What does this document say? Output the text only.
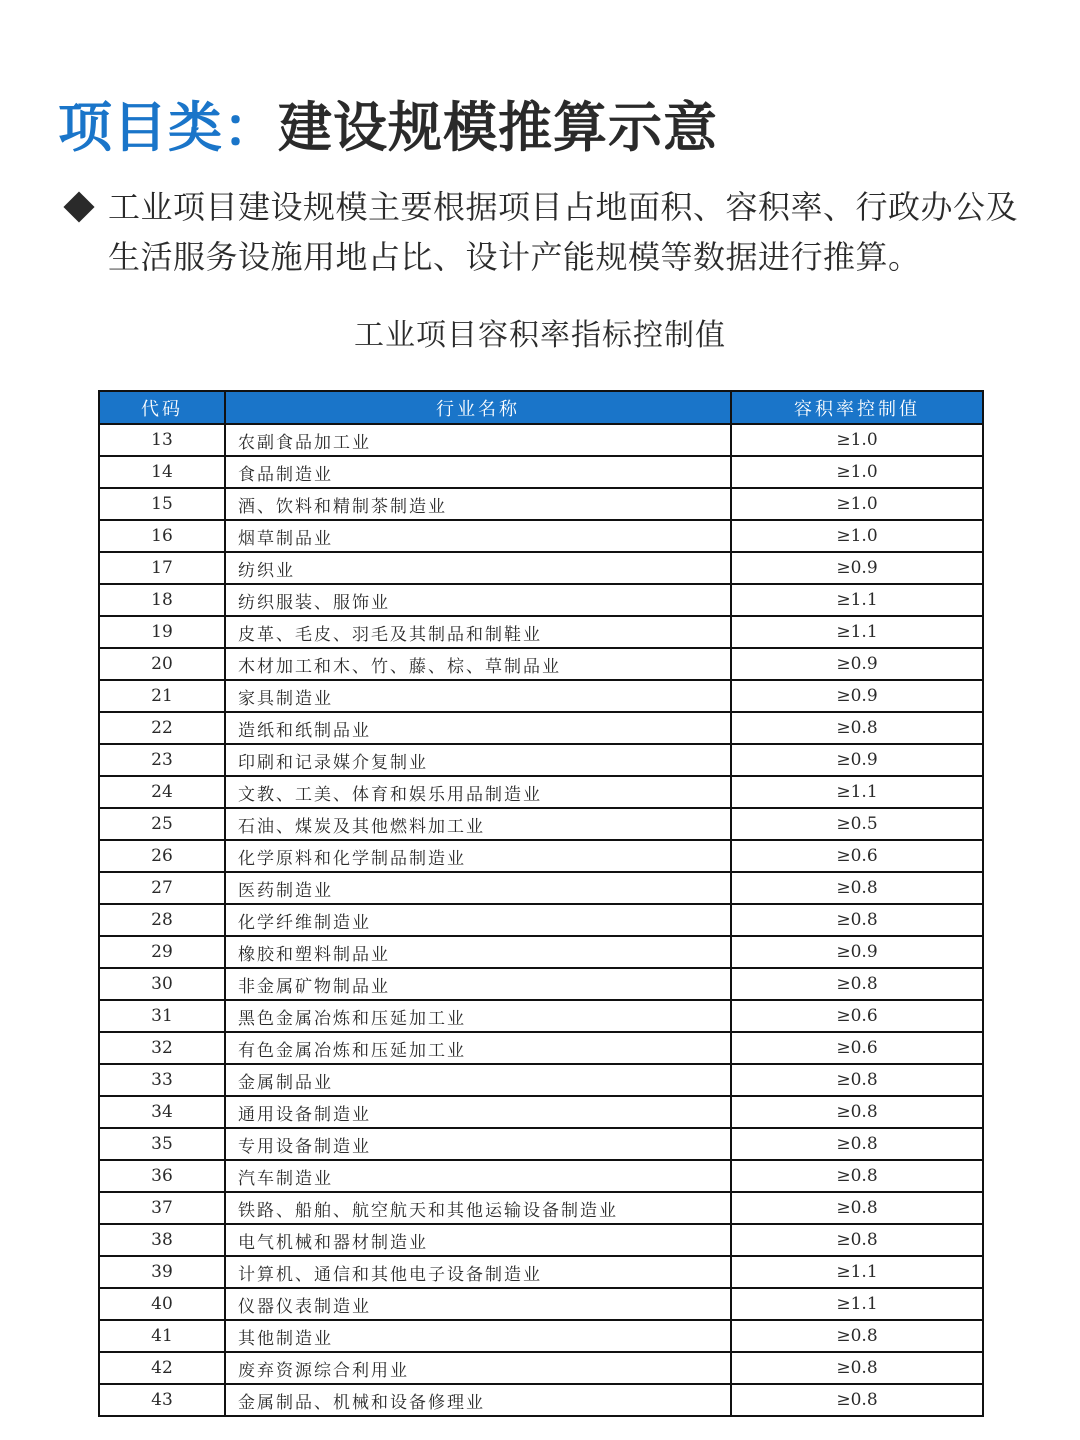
项目类：建设规模推算示意

工业项目建设规模主要根据项目占地面积、容积率、行政办公及生活服务设施用地占比、设计产能规模等数据进行推算。

工业项目容积率指标控制值
代码	行业名称	容积率控制值
13	农副食品加工业	≥1.0
14	食品制造业	≥1.0
15	酒、饮料和精制茶制造业	≥1.0
16	烟草制品业	≥1.0
17	纺织业	≥0.9
18	纺织服装、服饰业	≥1.1
19	皮革、毛皮、羽毛及其制品和制鞋业	≥1.1
20	木材加工和木、竹、藤、棕、草制品业	≥0.9
21	家具制造业	≥0.9
22	造纸和纸制品业	≥0.8
23	印刷和记录媒介复制业	≥0.9
24	文教、工美、体育和娱乐用品制造业	≥1.1
25	石油、煤炭及其他燃料加工业	≥0.5
26	化学原料和化学制品制造业	≥0.6
27	医药制造业	≥0.8
28	化学纤维制造业	≥0.8
29	橡胶和塑料制品业	≥0.9
30	非金属矿物制品业	≥0.8
31	黑色金属冶炼和压延加工业	≥0.6
32	有色金属冶炼和压延加工业	≥0.6
33	金属制品业	≥0.8
34	通用设备制造业	≥0.8
35	专用设备制造业	≥0.8
36	汽车制造业	≥0.8
37	铁路、船舶、航空航天和其他运输设备制造业	≥0.8
38	电气机械和器材制造业	≥0.8
39	计算机、通信和其他电子设备制造业	≥1.1
40	仪器仪表制造业	≥1.1
41	其他制造业	≥0.8
42	废弃资源综合利用业	≥0.8
43	金属制品、机械和设备修理业	≥0.8
